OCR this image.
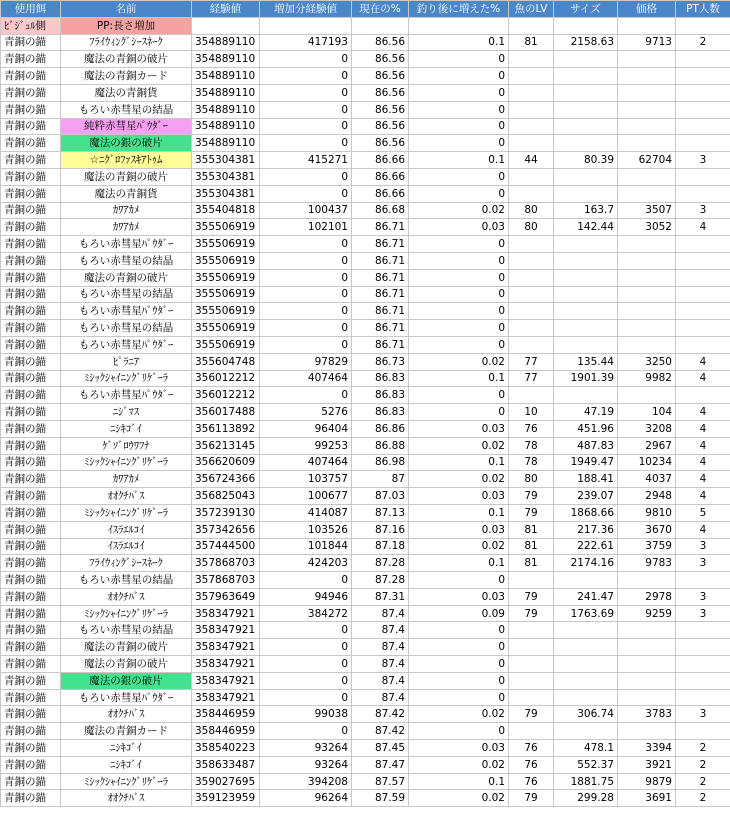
使用餌	名前	経験値	増加分経験値	現在の%	釣り後に増えた%	魚のLV	サイズ	価格	PT人数
ﾋﾞｼﾞｭﾙ側	PP:長さ増加								
青銅の錨	ﾌﾗｲｳｨﾝｸﾞｼｰｽﾈｰｸ	354889110	417193	86.56	0.1	81	2158.63	9713	2
青銅の錨	魔法の青銅の破片	354889110	0	86.56	0				
青銅の錨	魔法の青銅カード	354889110	0	86.56	0				
青銅の錨	魔法の青銅貨	354889110	0	86.56	0				
青銅の錨	もろい赤彗星の結晶	354889110	0	86.56	0				
青銅の錨	純粋赤彗星ﾊﾟｳﾀﾞｰ	354889110	0	86.56	0				
青銅の錨	魔法の銀の破片	354889110	0	86.56	0				
青銅の錨	☆ﾆｸﾞﾛﾌｧｽｷｱﾄｩﾑ	355304381	415271	86.66	0.1	44	80.39	62704	3
青銅の錨	魔法の青銅の破片	355304381	0	86.66	0				
青銅の錨	魔法の青銅貨	355304381	0	86.66	0				
青銅の錨	ｶﾜｱｶﾒ	355404818	100437	86.68	0.02	80	163.7	3507	3
青銅の錨	ｶﾜｱｶﾒ	355506919	102101	86.71	0.03	80	142.44	3052	4
青銅の錨	もろい赤彗星ﾊﾟｳﾀﾞｰ	355506919	0	86.71	0				
青銅の錨	もろい赤彗星の結晶	355506919	0	86.71	0				
青銅の錨	魔法の青銅の破片	355506919	0	86.71	0				
青銅の錨	もろい赤彗星の結晶	355506919	0	86.71	0				
青銅の錨	もろい赤彗星ﾊﾟｳﾀﾞｰ	355506919	0	86.71	0				
青銅の錨	もろい赤彗星の結晶	355506919	0	86.71	0				
青銅の錨	もろい赤彗星ﾊﾟｳﾀﾞｰ	355506919	0	86.71	0				
青銅の錨	ﾋﾟﾗﾆｱ	355604748	97829	86.73	0.02	77	135.44	3250	4
青銅の錨	ﾐｼｯｸｼｬｲﾆﾝｸﾞﾘｹﾞｰﾗ	356012212	407464	86.83	0.1	77	1901.39	9982	4
青銅の錨	もろい赤彗星ﾊﾟｳﾀﾞｰ	356012212	0	86.83	0				
青銅の錨	ﾆｼﾞﾏｽ	356017488	5276	86.83	0	10	47.19	104	4
青銅の錨	ﾆｼｷｺﾞｲ	356113892	96404	86.86	0.03	76	451.96	3208	4
青銅の錨	ｹﾞｿﾞﾛｳﾜﾌﾅ	356213145	99253	86.88	0.02	78	487.83	2967	4
青銅の錨	ﾐｼｯｸｼｬｲﾆﾝｸﾞﾘｹﾞｰﾗ	356620609	407464	86.98	0.1	78	1949.47	10234	4
青銅の錨	ｶﾜｱｶﾒ	356724366	103757	87	0.02	80	188.41	4037	4
青銅の錨	ｵｵｸﾁﾊﾞｽ	356825043	100677	87.03	0.03	79	239.07	2948	4
青銅の錨	ﾐｼｯｸｼｬｲﾆﾝｸﾞﾘｹﾞｰﾗ	357239130	414087	87.13	0.1	79	1868.66	9810	5
青銅の錨	ｲｽﾗｴﾙｺｲ	357342656	103526	87.16	0.03	81	217.36	3670	4
青銅の錨	ｲｽﾗｴﾙｺｲ	357444500	101844	87.18	0.02	81	222.61	3759	3
青銅の錨	ﾌﾗｲｳｨﾝｸﾞｼｰｽﾈｰｸ	357868703	424203	87.28	0.1	81	2174.16	9783	3
青銅の錨	もろい赤彗星の結晶	357868703	0	87.28	0				
青銅の錨	ｵｵｸﾁﾊﾞｽ	357963649	94946	87.31	0.03	79	241.47	2978	3
青銅の錨	ﾐｼｯｸｼｬｲﾆﾝｸﾞﾘｹﾞｰﾗ	358347921	384272	87.4	0.09	79	1763.69	9259	3
青銅の錨	もろい赤彗星の結晶	358347921	0	87.4	0				
青銅の錨	魔法の青銅の破片	358347921	0	87.4	0				
青銅の錨	魔法の青銅の破片	358347921	0	87.4	0				
青銅の錨	魔法の銀の破片	358347921	0	87.4	0				
青銅の錨	もろい赤彗星ﾊﾟｳﾀﾞｰ	358347921	0	87.4	0				
青銅の錨	ｵｵｸﾁﾊﾞｽ	358446959	99038	87.42	0.02	79	306.74	3783	3
青銅の錨	魔法の青銅カード	358446959	0	87.42	0				
青銅の錨	ﾆｼｷｺﾞｲ	358540223	93264	87.45	0.03	76	478.1	3394	2
青銅の錨	ﾆｼｷｺﾞｲ	358633487	93264	87.47	0.02	76	552.37	3921	2
青銅の錨	ﾐｼｯｸｼｬｲﾆﾝｸﾞﾘｹﾞｰﾗ	359027695	394208	87.57	0.1	76	1881.75	9879	2
青銅の錨	ｵｵｸﾁﾊﾞｽ	359123959	96264	87.59	0.02	79	299.28	3691	2
